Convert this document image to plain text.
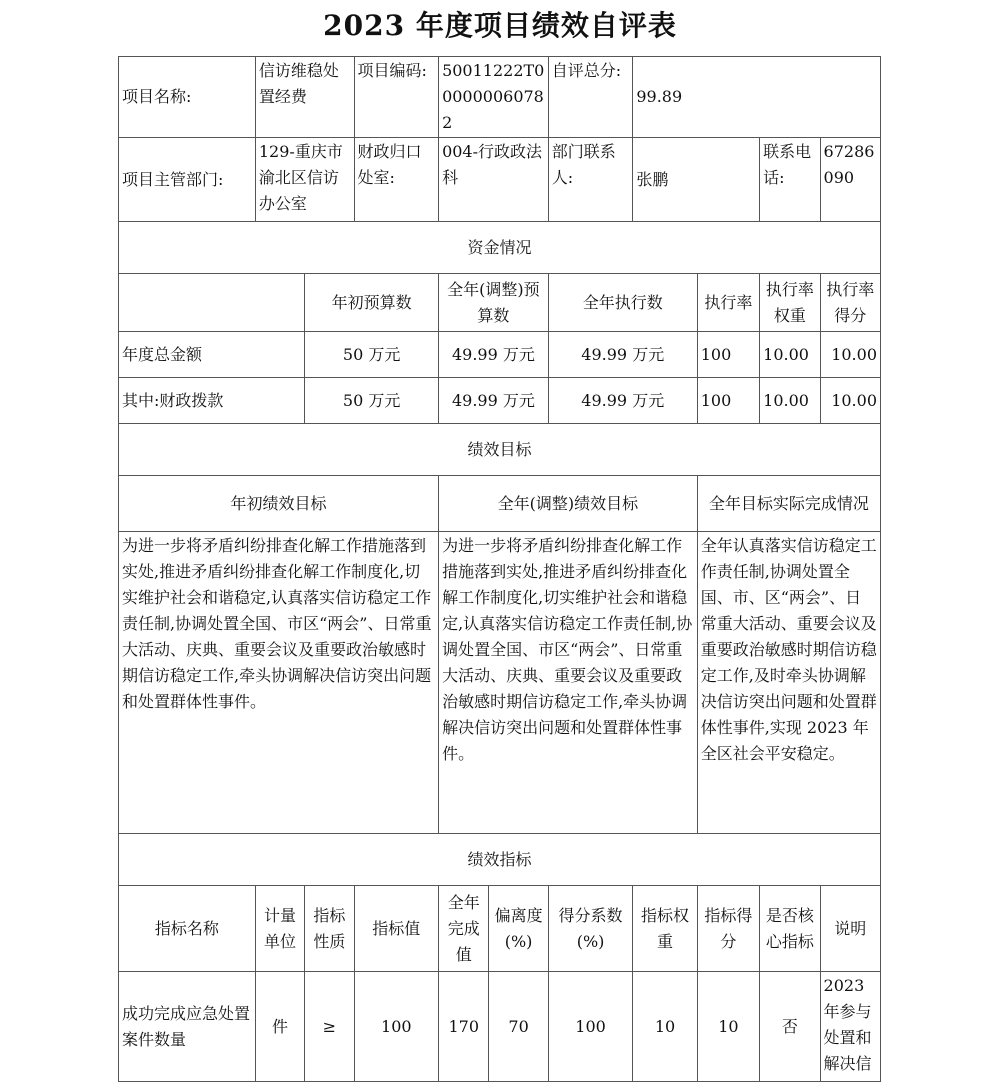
2023 年度项目绩效自评表
项目名称:	信访维稳处置经费		项目编码:	50011222T000000060782		自评总分:	99.89			
项目主管部门:	129-重庆市渝北区信访办公室		财政归口处室:	004-行政政法科		部门联系人:	张鹏		联系电话:	67286090
资金情况										
		年初预算数		全年(调整)预算数		全年执行数		执行率	执行率权重	执行率得分
年度总金额		50 万元		49.99 万元		49.99 万元		100	10.00	10.00
其中:财政拨款		50 万元		49.99 万元		49.99 万元		100	10.00	10.00
绩效目标										
年初绩效目标				全年(调整)绩效目标				全年目标实际完成情况		
为进一步将矛盾纠纷排查化解工作措施落到实处,推进矛盾纠纷排查化解工作制度化,切实维护社会和谐稳定,认真落实信访稳定工作责任制,协调处置全国、市区“两会”、日常重大活动、庆典、重要会议及重要政治敏感时期信访稳定工作,牵头协调解决信访突出问题和处置群体性事件。				为进一步将矛盾纠纷排查化解工作措施落到实处,推进矛盾纠纷排查化解工作制度化,切实维护社会和谐稳定,认真落实信访稳定工作责任制,协调处置全国、市区“两会”、日常重大活动、庆典、重要会议及重要政治敏感时期信访稳定工作,牵头协调解决信访突出问题和处置群体性事件。				全年认真落实信访稳定工作责任制,协调处置全国、市、区“两会”、日常重大活动、重要会议及重要政治敏感时期信访稳定工作,及时牵头协调解决信访突出问题和处置群体性事件,实现 2023 年全区社会平安稳定。		
绩效指标										
指标名称	计量单位	指标性质	指标值	全年完成值	偏离度(%)	得分系数(%)	指标权重	指标得分	是否核心指标	说明
成功完成应急处置案件数量	件	≥	100	170	70	100	10	10	否	2023年参与处置和解决信
